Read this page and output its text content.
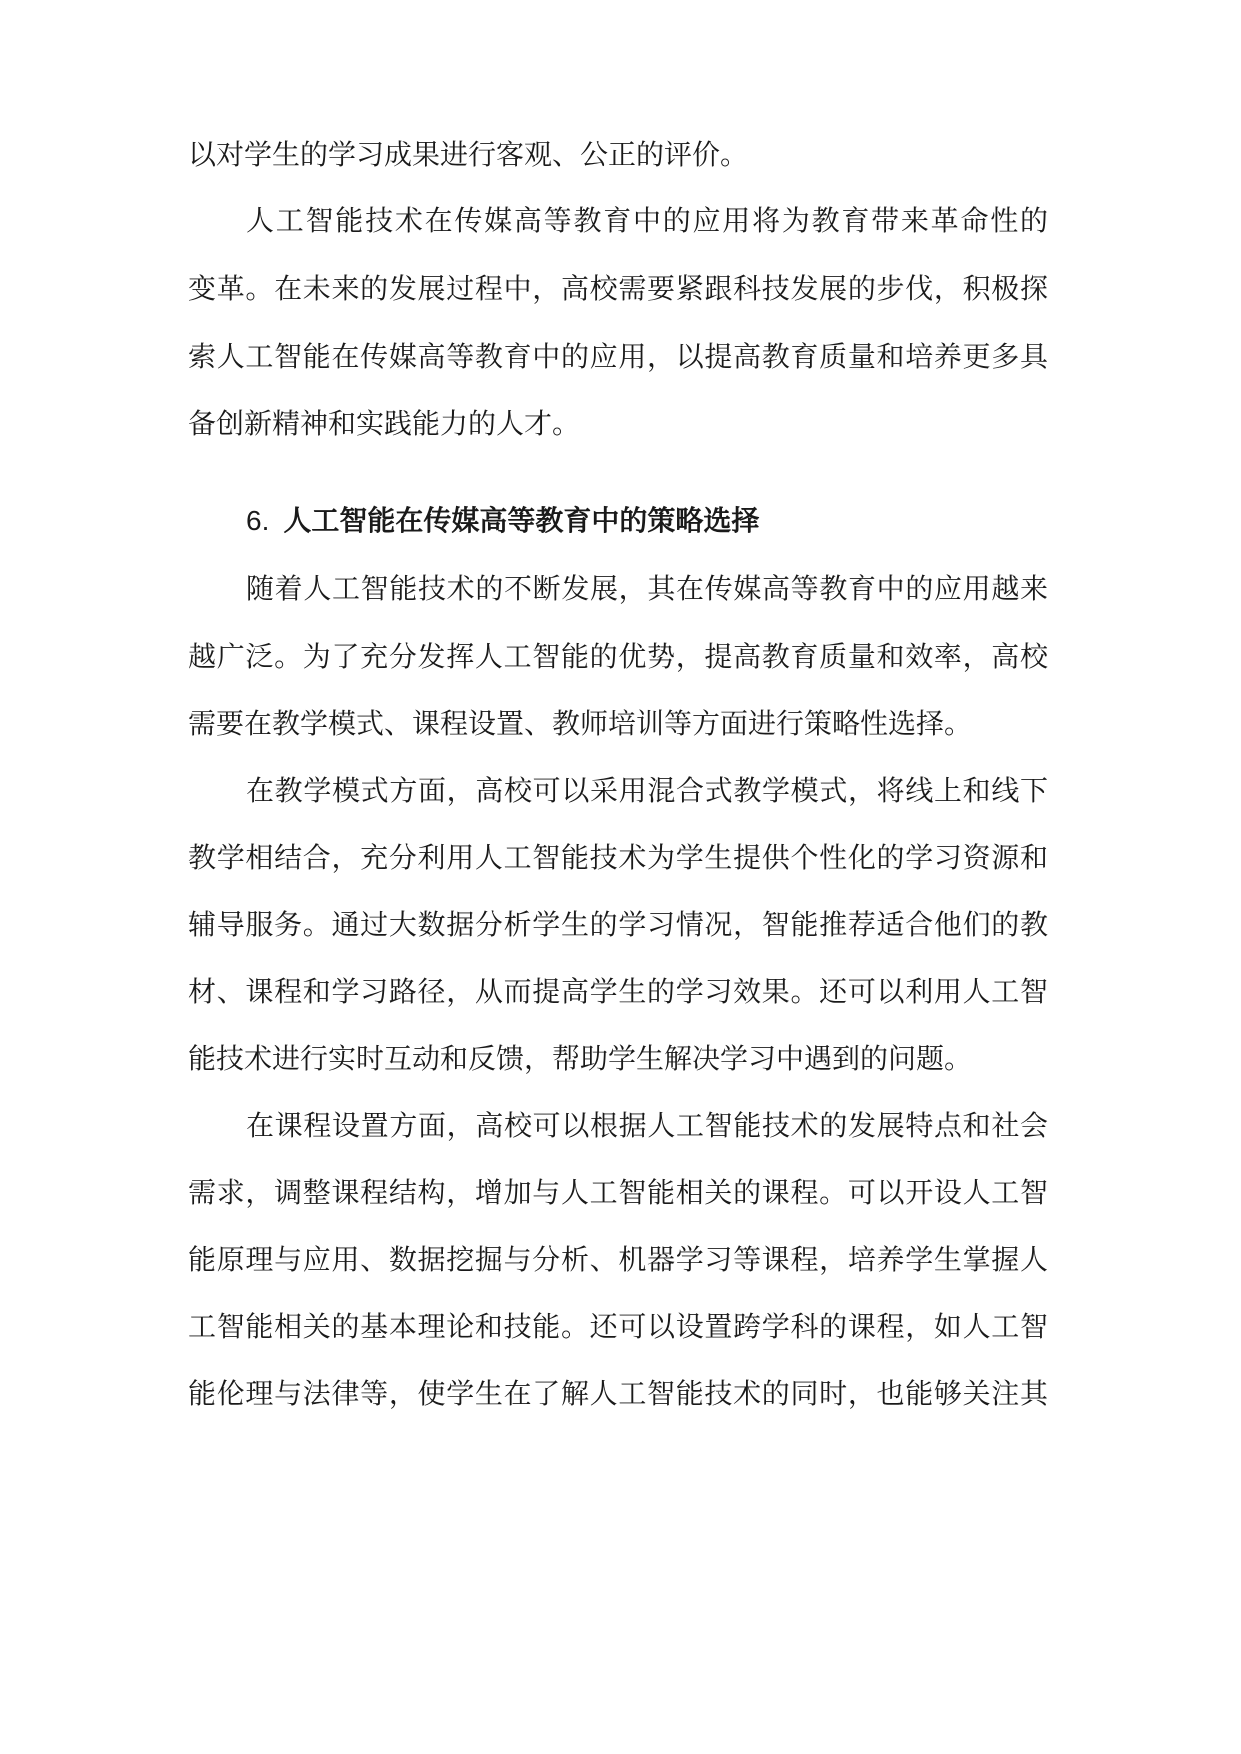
以对学生的学习成果进行客观、公正的评价。
人工智能技术在传媒高等教育中的应用将为教育带来革命性的
变革。在未来的发展过程中，高校需要紧跟科技发展的步伐，积极探
索人工智能在传媒高等教育中的应用，以提高教育质量和培养更多具
备创新精神和实践能力的人才。
6. 人工智能在传媒高等教育中的策略选择
随着人工智能技术的不断发展，其在传媒高等教育中的应用越来
越广泛。为了充分发挥人工智能的优势，提高教育质量和效率，高校
需要在教学模式、课程设置、教师培训等方面进行策略性选择。
在教学模式方面，高校可以采用混合式教学模式，将线上和线下
教学相结合，充分利用人工智能技术为学生提供个性化的学习资源和
辅导服务。通过大数据分析学生的学习情况，智能推荐适合他们的教
材、课程和学习路径，从而提高学生的学习效果。还可以利用人工智
能技术进行实时互动和反馈，帮助学生解决学习中遇到的问题。
在课程设置方面，高校可以根据人工智能技术的发展特点和社会
需求，调整课程结构，增加与人工智能相关的课程。可以开设人工智
能原理与应用、数据挖掘与分析、机器学习等课程，培养学生掌握人
工智能相关的基本理论和技能。还可以设置跨学科的课程，如人工智
能伦理与法律等，使学生在了解人工智能技术的同时，也能够关注其
